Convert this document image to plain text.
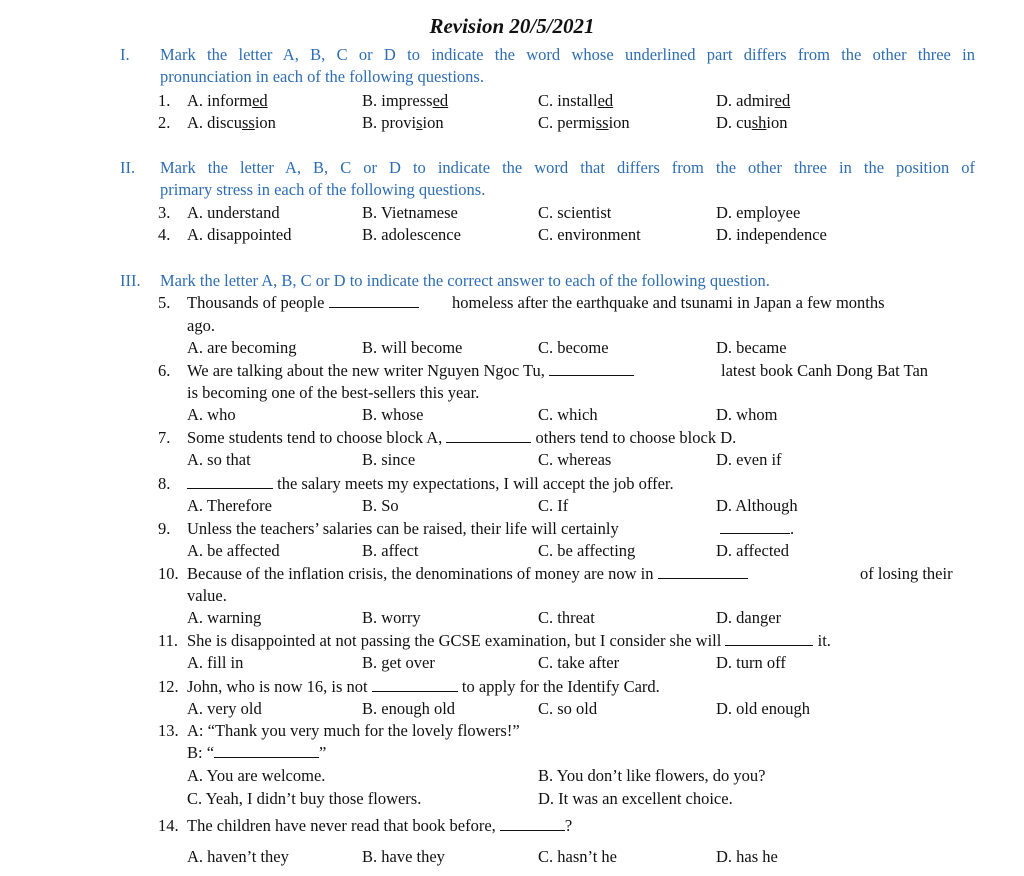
Revision 20/5/2021
I. Mark the letter A, B, C or D to indicate the word whose underlined part differs from the other three in
pronunciation in each of the following questions.
1. A. informed	B. impressed	C. installed	D. admired
2. A. discussion	B. provision	C. permission	D. cushion
II. Mark the letter A, B, C or D to indicate the word that differs from the other three in the position of
primary stress in each of the following questions.
3. A. understand	B. Vietnamese	C. scientist	D. employee
4. A. disappointed	B. adolescence	C. environment	D. independence
III. Mark the letter A, B, C or D to indicate the correct answer to each of the following question.
5. Thousands of people	homeless after the earthquake and tsunami in Japan a few months
ago.
A. are becoming	B. will become	C. become	D. became
6. We are talking about the new writer Nguyen Ngoc Tu,	latest book Canh Dong Bat Tan
is becoming one of the best-sellers this year.
A. who	B. whose	C. which	D. whom
7. Some students tend to choose block A,	others tend to choose block D.
A. so that	B. since	C. whereas	D. even if
8.	the salary meets my expectations, I will accept the job offer.
A. Therefore	B. So	C. If	D. Although
9. Unless the teachers’ salaries can be raised, their life will certainly	.
A. be affected	B. affect	C. be affecting	D. affected
10. Because of the inflation crisis, the denominations of money are now in	of losing their
value.
A. warning	B. worry	C. threat	D. danger
11. She is disappointed at not passing the GCSE examination, but I consider she will	it.
A. fill in	B. get over	C. take after	D. turn off
12. John, who is now 16, is not	to apply for the Identify Card.
A. very old	B. enough old	C. so old	D. old enough
13. A: “Thank you very much for the lovely flowers!”
B: “	”
A. You are welcome.	B. You don’t like flowers, do you?
C. Yeah, I didn’t buy those flowers.	D. It was an excellent choice.
14. The children have never read that book before,	?
A. haven’t they	B. have they	C. hasn’t he	D. has he
